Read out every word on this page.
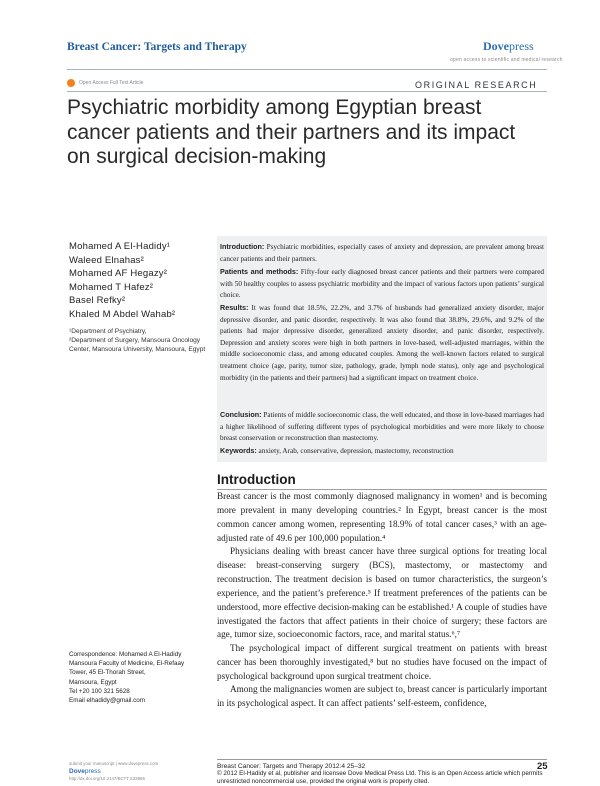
Breast Cancer: Targets and Therapy	Dovepress
open access to scientific and medical research
Open Access Full Text Article	ORIGINAL RESEARCH
Psychiatric morbidity among Egyptian breast cancer patients and their partners and its impact on surgical decision-making
Mohamed A El-Hadidy¹
Waleed Elnahas²
Mohamed AF Hegazy²
Mohamed T Hafez²
Basel Refky²
Khaled M Abdel Wahab²
¹Department of Psychiatry,
²Department of Surgery, Mansoura Oncology Center, Mansoura University, Mansoura, Egypt

Introduction: Psychiatric morbidities, especially cases of anxiety and depression, are prevalent among breast cancer patients and their partners.

Patients and methods: Fifty-four early diagnosed breast cancer patients and their partners were compared with 50 healthy couples to assess psychiatric morbidity and the impact of various factors upon patients’ surgical choice.

Results: It was found that 18.5%, 22.2%, and 3.7% of husbands had generalized anxiety disorder, major depressive disorder, and panic disorder, respectively. It was also found that 38.8%, 29.6%, and 9.2% of the patients had major depressive disorder, generalized anxiety disorder, and panic disorder, respectively. Depression and anxiety scores were high in both partners in love-based, well-adjusted marriages, within the middle socioeconomic class, and among educated couples. Among the well-known factors related to surgical treatment choice (age, parity, tumor size, pathology, grade, lymph node status), only age and psychological morbidity (in the patients and their partners) had a significant impact on treatment choice.

Conclusion: Patients of middle socioeconomic class, the well educated, and those in love-based marriages had a higher likelihood of suffering different types of psychological morbidities and were more likely to choose breast conservation or reconstruction than mastectomy.

Keywords: anxiety, Arab, conservative, depression, mastectomy, reconstruction

Introduction

Breast cancer is the most commonly diagnosed malignancy in women¹ and is becoming more prevalent in many developing countries.² In Egypt, breast cancer is the most common cancer among women, representing 18.9% of total cancer cases,³ with an age-adjusted rate of 49.6 per 100,000 population.⁴

Physicians dealing with breast cancer have three surgical options for treating local disease: breast-conserving surgery (BCS), mastectomy, or mastectomy and reconstruction. The treatment decision is based on tumor characteristics, the surgeon’s experience, and the patient’s preference.⁵ If treatment preferences of the patients can be understood, more effective decision-making can be established.¹ A couple of studies have investigated the factors that affect patients in their choice of surgery; these factors are age, tumor size, socioeconomic factors, race, and marital status.⁶,⁷

The psychological impact of different surgical treatment on patients with breast cancer has been thoroughly investigated,⁸ but no studies have focused on the impact of psychological background upon surgical treatment choice.

Among the malignancies women are subject to, breast cancer is particularly important in its psychological aspect. It can affect patients’ self-esteem, confidence,

Correspondence: Mohamed A El-Hadidy
Mansoura Faculty of Medicine, El-Refaay
Tower, 45 El-Thorah Street,
Mansoura, Egypt
Tel +20 100 321 5628
Email elhadidy@gmail.com
submit your manuscript | www.dovepress.com
Dovepress
Breast Cancer: Targets and Therapy 2012:4 25–32	25
© 2012 El-Hadidy et al, publisher and licensee Dove Medical Press Ltd. This is an Open Access article which permits unrestricted noncommercial use, provided the original work is properly cited.
http://dx.doi.org/10.2147/BCTT.S33966
